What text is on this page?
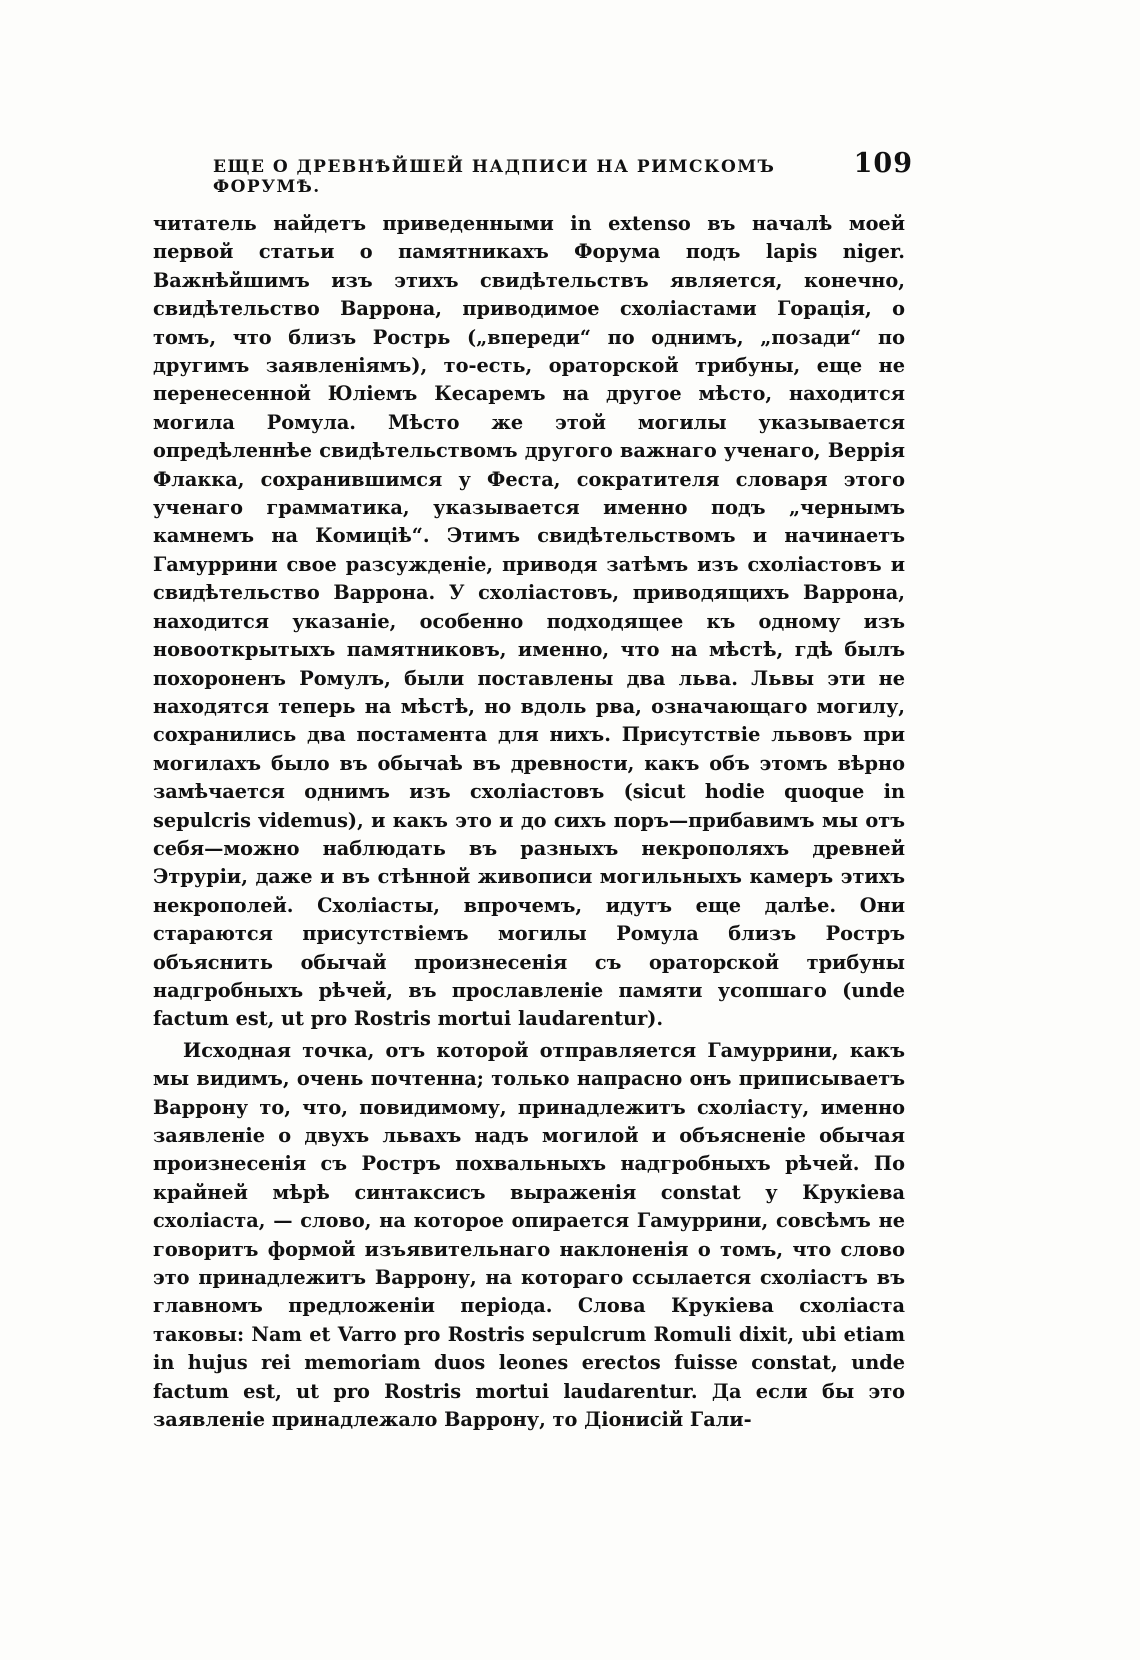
ЕЩЕ О ДРЕВНѢЙШЕЙ НАДПИСИ НА РИМСКОМЪ ФОРУМѢ.
109

читатель найдетъ приведенными in extenso въ началѣ моей первой статьи о памятникахъ Форума подъ lapis niger. Важнѣйшимъ изъ этихъ свидѣтельствъ является, конечно, свидѣтельство Варрона, приводимое схоліастами Горація, о томъ, что близъ Рострь („впереди“ по однимъ, „позади“ по другимъ заявленіямъ), то-есть, ораторской трибуны, еще не перенесенной Юліемъ Кесаремъ на другое мѣсто, находится могила Ромула. Мѣсто же этой могилы указывается опредѣленнѣе свидѣтельствомъ другого важнаго ученаго, Веррія Флакка, сохранившимся у Феста, сократителя словаря этого ученаго грамматика, указывается именно подъ „чернымъ камнемъ на Комиціѣ“. Этимъ свидѣтельствомъ и начинаетъ Гамуррини свое разсужденіе, приводя затѣмъ изъ схоліастовъ и свидѣтельство Варрона. У схоліастовъ, приводящихъ Варрона, находится указаніе, особенно подходящее къ одному изъ новооткрытыхъ памятниковъ, именно, что на мѣстѣ, гдѣ былъ похороненъ Ромулъ, были поставлены два льва. Львы эти не находятся теперь на мѣстѣ, но вдоль рва, означающаго могилу, сохранились два постамента для нихъ. Присутствіе львовъ при могилахъ было въ обычаѣ въ древности, какъ объ этомъ вѣрно замѣчается однимъ изъ схоліастовъ (sicut hodie quoque in sepulcris videmus), и какъ это и до сихъ поръ—прибавимъ мы отъ себя—можно наблюдать въ разныхъ некрополяхъ древней Этруріи, даже и въ стѣнной живописи могильныхъ камеръ этихъ некрополей. Схоліасты, впрочемъ, идутъ еще далѣе. Они стараются присутствіемъ могилы Ромула близъ Ростръ объяснить обычай произнесенія съ ораторской трибуны надгробныхъ рѣчей, въ прославленіе памяти усопшаго (unde factum est, ut pro Rostris mortui laudarentur).

Исходная точка, отъ которой отправляется Гамуррини, какъ мы видимъ, очень почтенна; только напрасно онъ приписываетъ Варрону то, что, повидимому, принадлежитъ схоліасту, именно заявленіе о двухъ львахъ надъ могилой и объясненіе обычая произнесенія съ Ростръ похвальныхъ надгробныхъ рѣчей. По крайней мѣрѣ синтаксисъ выраженія constat у Крукіева схоліаста, — слово, на которое опирается Гамуррини, совсѣмъ не говоритъ формой изъявительнаго наклоненія о томъ, что слово это принадлежитъ Варрону, на котораго ссылается схоліастъ въ главномъ предложеніи періода. Слова Крукіева схоліаста таковы: Nam et Varro pro Rostris sepulcrum Romuli dixit, ubi etiam in hujus rei memoriam duos leones erectos fuisse constat, unde factum est, ut pro Rostris mortui laudarentur. Да если бы это заявленіе принадлежало Варрону, то Діонисій Гали-
